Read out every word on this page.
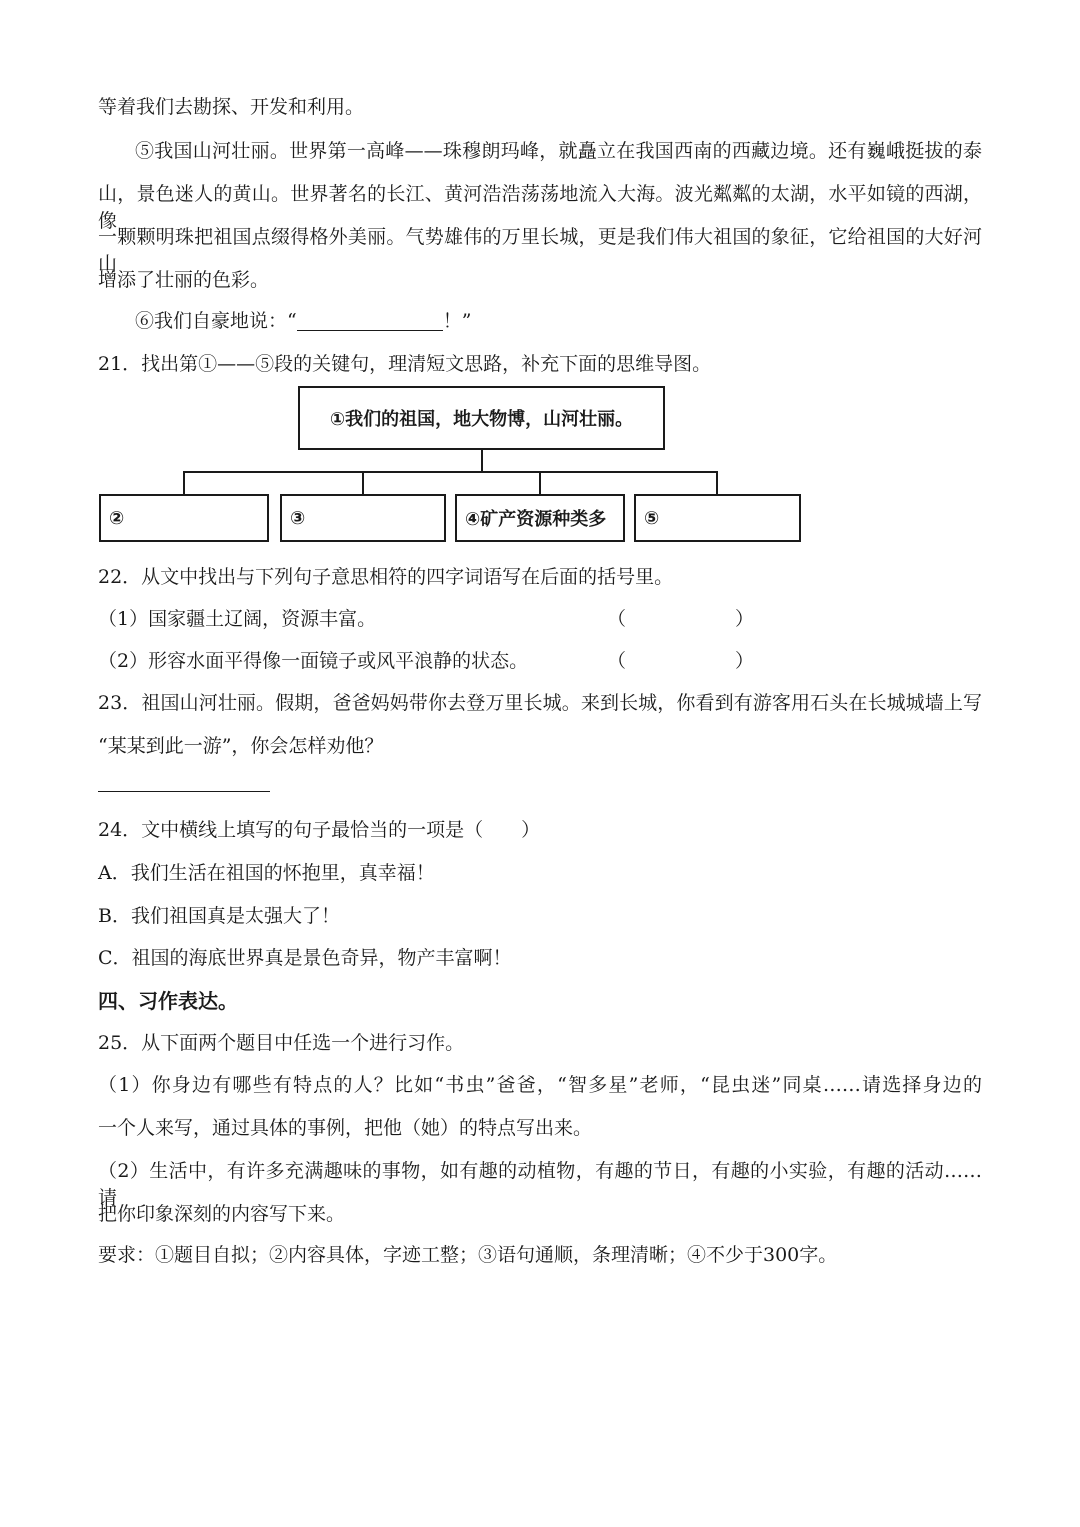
等着我们去勘探、开发和利用。
⑤我国山河壮丽。世界第一高峰——珠穆朗玛峰，就矗立在我国西南的西藏边境。还有巍峨挺拔的泰
山，景色迷人的黄山。世界著名的长江、黄河浩浩荡荡地流入大海。波光粼粼的太湖，水平如镜的西湖，像
一颗颗明珠把祖国点缀得格外美丽。气势雄伟的万里长城，更是我们伟大祖国的象征，它给祖国的大好河山
增添了壮丽的色彩。
⑥我们自豪地说：“	！”
21．找出第①——⑤段的关键句，理清短文思路，补充下面的思维导图。
①我们的祖国，地大物博，山河壮丽。
②	③	④矿产资源种类多	⑤
22．从文中找出与下列句子意思相符的四字词语写在后面的括号里。
（1）国家疆土辽阔，资源丰富。	（	）
（2）形容水面平得像一面镜子或风平浪静的状态。	（	）
23．祖国山河壮丽。假期，爸爸妈妈带你去登万里长城。来到长城，你看到有游客用石头在长城城墙上写
“某某到此一游”，你会怎样劝他？
24．文中横线上填写的句子最恰当的一项是（　　）
A．我们生活在祖国的怀抱里，真幸福！
B．我们祖国真是太强大了！
C．祖国的海底世界真是景色奇异，物产丰富啊！
四、习作表达。
25．从下面两个题目中任选一个进行习作。
（1）你身边有哪些有特点的人？比如“书虫”爸爸，“智多星”老师，“昆虫迷”同桌……请选择身边的
一个人来写，通过具体的事例，把他（她）的特点写出来。
（2）生活中，有许多充满趣味的事物，如有趣的动植物，有趣的节日，有趣的小实验，有趣的活动……请
把你印象深刻的内容写下来。
要求：①题目自拟；②内容具体，字迹工整；③语句通顺，条理清晰；④不少于300字。
